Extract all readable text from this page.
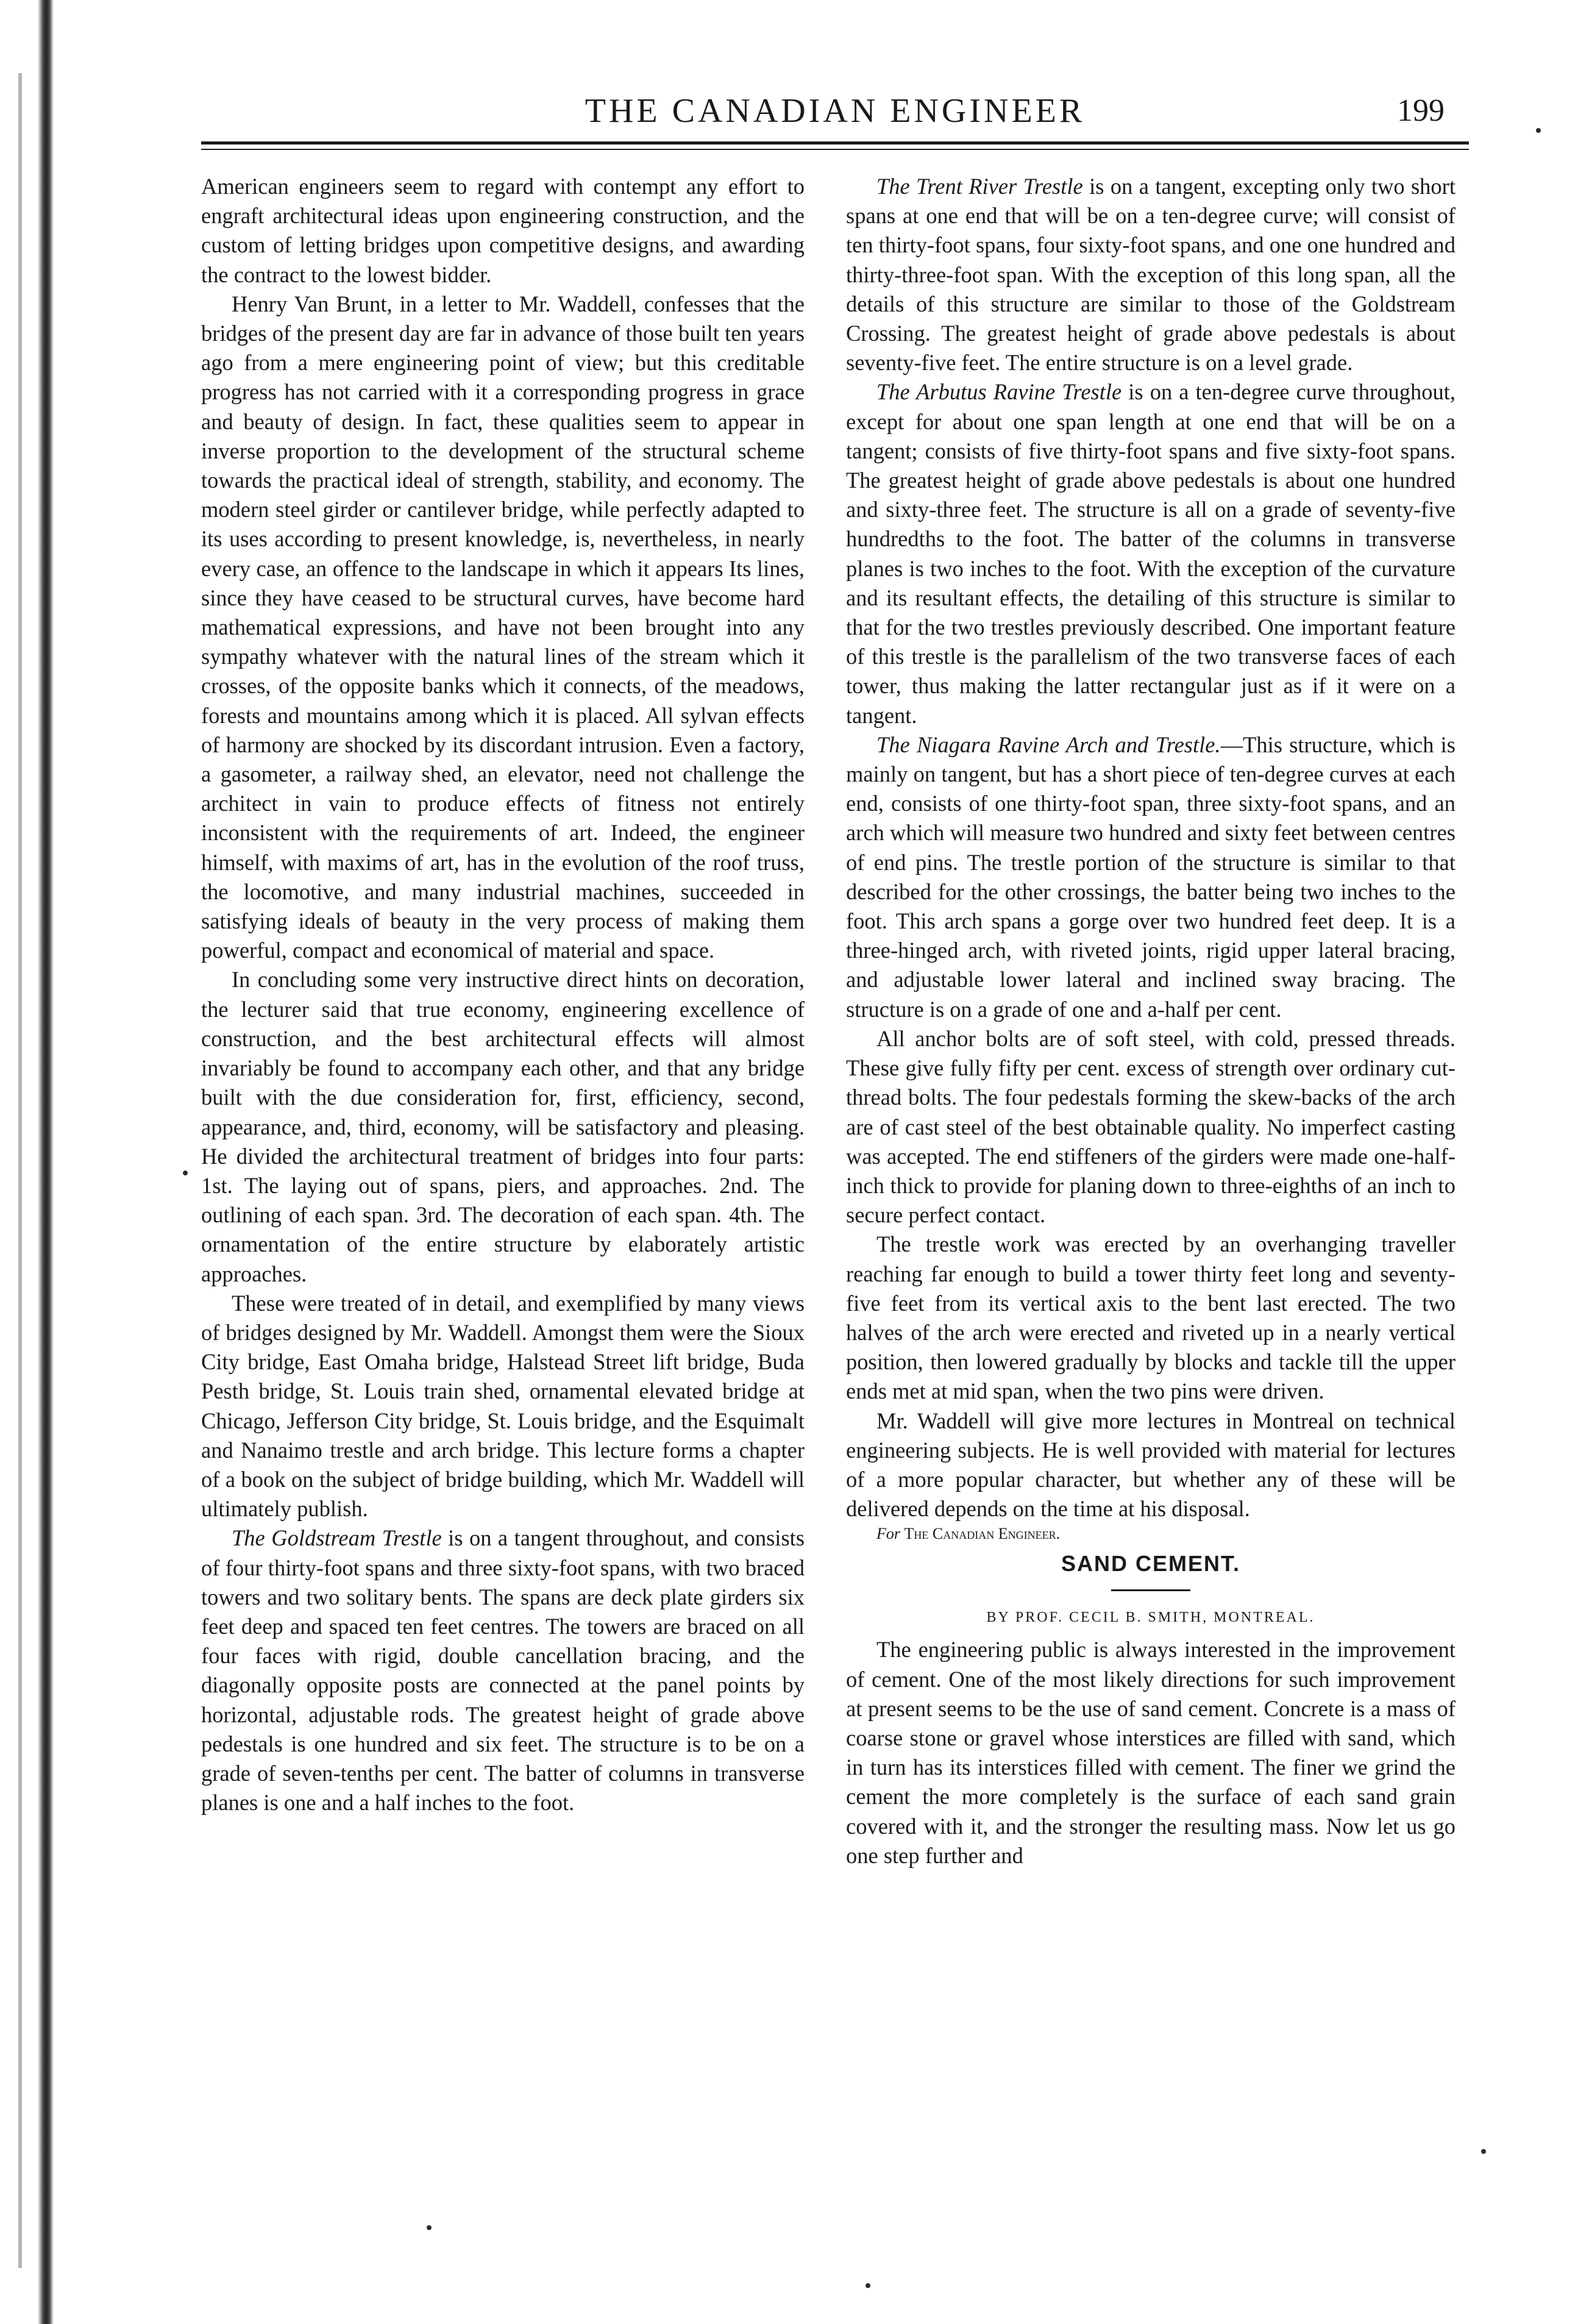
THE CANADIAN ENGINEER	199

American engineers seem to regard with contempt any effort to engraft architectural ideas upon engineering construction, and the custom of letting bridges upon competitive designs, and awarding the contract to the lowest bidder.

Henry Van Brunt, in a letter to Mr. Waddell, confesses that the bridges of the present day are far in advance of those built ten years ago from a mere engineering point of view; but this creditable progress has not carried with it a corresponding progress in grace and beauty of design. In fact, these qualities seem to appear in inverse proportion to the development of the structural scheme towards the practical ideal of strength, stability, and economy. The modern steel girder or cantilever bridge, while perfectly adapted to its uses according to present knowledge, is, nevertheless, in nearly every case, an offence to the landscape in which it appears Its lines, since they have ceased to be structural curves, have become hard mathematical expressions, and have not been brought into any sympathy whatever with the natural lines of the stream which it crosses, of the opposite banks which it connects, of the meadows, forests and mountains among which it is placed. All sylvan effects of harmony are shocked by its discordant intrusion. Even a factory, a gasometer, a railway shed, an elevator, need not challenge the architect in vain to produce effects of fitness not entirely inconsistent with the requirements of art. Indeed, the engineer himself, with maxims of art, has in the evolution of the roof truss, the locomotive, and many industrial machines, succeeded in satisfying ideals of beauty in the very process of making them powerful, compact and economical of material and space.

In concluding some very instructive direct hints on decoration, the lecturer said that true economy, engineering excellence of construction, and the best architectural effects will almost invariably be found to accompany each other, and that any bridge built with the due consideration for, first, efficiency, second, appearance, and, third, economy, will be satisfactory and pleasing. He divided the architectural treatment of bridges into four parts: 1st. The laying out of spans, piers, and approaches. 2nd. The outlining of each span. 3rd. The decoration of each span. 4th. The ornamentation of the entire structure by elaborately artistic approaches.

These were treated of in detail, and exemplified by many views of bridges designed by Mr. Waddell. Amongst them were the Sioux City bridge, East Omaha bridge, Halstead Street lift bridge, Buda Pesth bridge, St. Louis train shed, ornamental elevated bridge at Chicago, Jefferson City bridge, St. Louis bridge, and the Esquimalt and Nanaimo trestle and arch bridge. This lecture forms a chapter of a book on the subject of bridge building, which Mr. Waddell will ultimately publish.

The Goldstream Trestle is on a tangent throughout, and consists of four thirty-foot spans and three sixty-foot spans, with two braced towers and two solitary bents. The spans are deck plate girders six feet deep and spaced ten feet centres. The towers are braced on all four faces with rigid, double cancellation bracing, and the diagonally opposite posts are connected at the panel points by horizontal, adjustable rods. The greatest height of grade above pedestals is one hundred and six feet. The structure is to be on a grade of seven-tenths per cent. The batter of columns in transverse planes is one and a half inches to the foot.

The Trent River Trestle is on a tangent, excepting only two short spans at one end that will be on a ten-degree curve; will consist of ten thirty-foot spans, four sixty-foot spans, and one one hundred and thirty-three-foot span. With the exception of this long span, all the details of this structure are similar to those of the Goldstream Crossing. The greatest height of grade above pedestals is about seventy-five feet. The entire structure is on a level grade.

The Arbutus Ravine Trestle is on a ten-degree curve throughout, except for about one span length at one end that will be on a tangent; consists of five thirty-foot spans and five sixty-foot spans. The greatest height of grade above pedestals is about one hundred and sixty-three feet. The structure is all on a grade of seventy-five hundredths to the foot. The batter of the columns in transverse planes is two inches to the foot. With the exception of the curvature and its resultant effects, the detailing of this structure is similar to that for the two trestles previously described. One important feature of this trestle is the parallelism of the two transverse faces of each tower, thus making the latter rectangular just as if it were on a tangent.

The Niagara Ravine Arch and Trestle.—This structure, which is mainly on tangent, but has a short piece of ten-degree curves at each end, consists of one thirty-foot span, three sixty-foot spans, and an arch which will measure two hundred and sixty feet between centres of end pins. The trestle portion of the structure is similar to that described for the other crossings, the batter being two inches to the foot. This arch spans a gorge over two hundred feet deep. It is a three-hinged arch, with riveted joints, rigid upper lateral bracing, and adjustable lower lateral and inclined sway bracing. The structure is on a grade of one and a-half per cent.

All anchor bolts are of soft steel, with cold, pressed threads. These give fully fifty per cent. excess of strength over ordinary cut-thread bolts. The four pedestals forming the skew-backs of the arch are of cast steel of the best obtainable quality. No imperfect casting was accepted. The end stiffeners of the girders were made one-half-inch thick to provide for planing down to three-eighths of an inch to secure perfect contact.

The trestle work was erected by an overhanging traveller reaching far enough to build a tower thirty feet long and seventy-five feet from its vertical axis to the bent last erected. The two halves of the arch were erected and riveted up in a nearly vertical position, then lowered gradually by blocks and tackle till the upper ends met at mid span, when the two pins were driven.

Mr. Waddell will give more lectures in Montreal on technical engineering subjects. He is well provided with material for lectures of a more popular character, but whether any of these will be delivered depends on the time at his disposal.

For The Canadian Engineer.

SAND CEMENT.
BY PROF. CECIL B. SMITH, MONTREAL.

The engineering public is always interested in the improvement of cement. One of the most likely directions for such improvement at present seems to be the use of sand cement. Concrete is a mass of coarse stone or gravel whose interstices are filled with sand, which in turn has its interstices filled with cement. The finer we grind the cement the more completely is the surface of each sand grain covered with it, and the stronger the resulting mass. Now let us go one step further and
